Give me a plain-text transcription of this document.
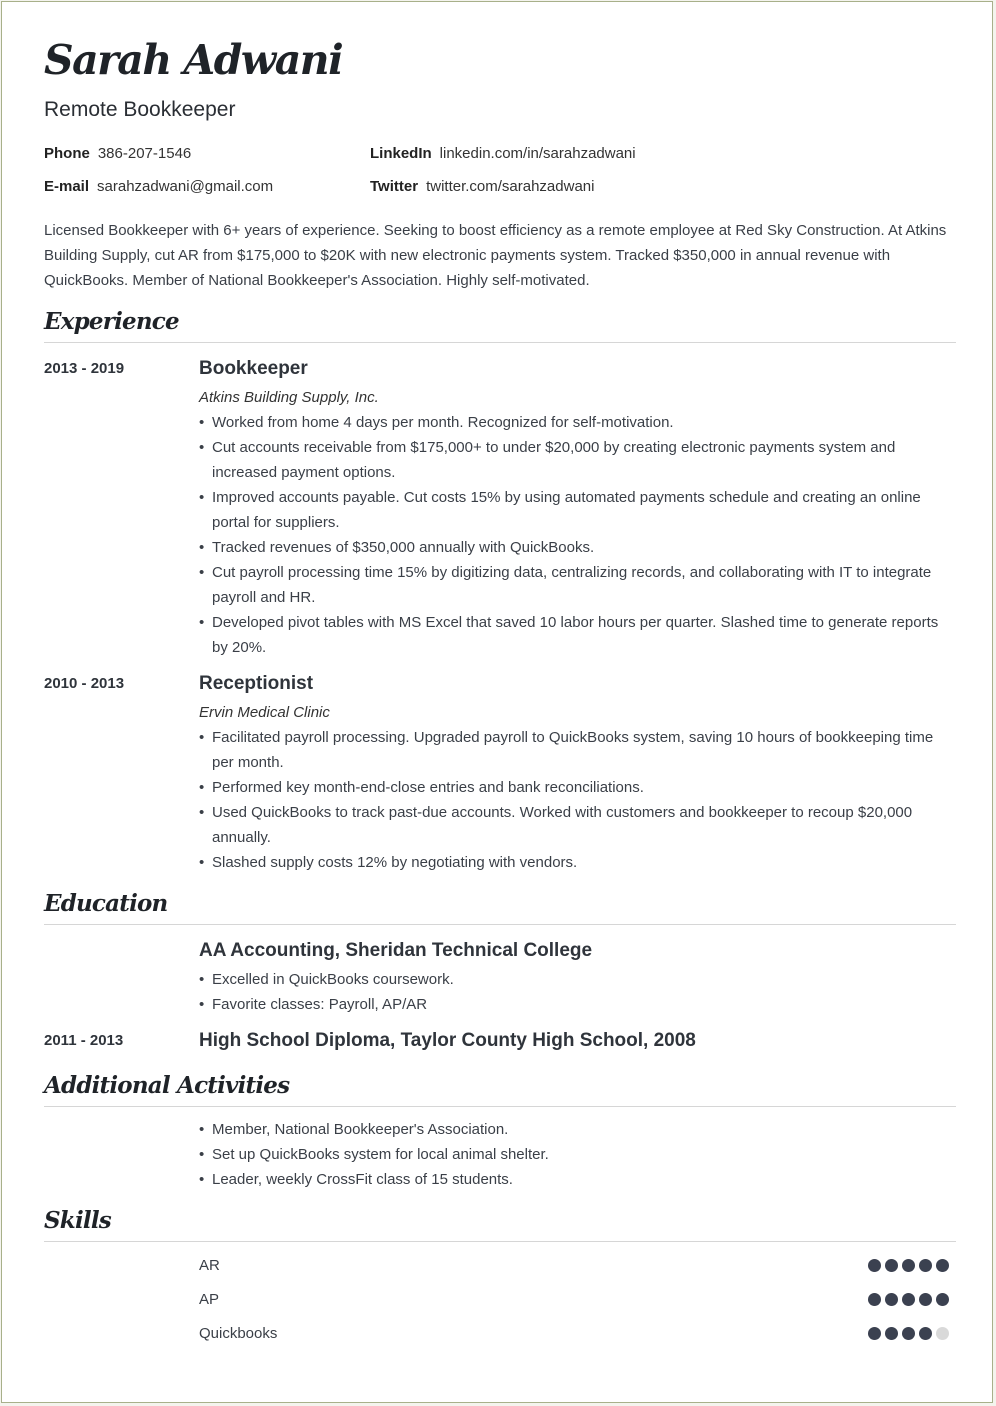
Sarah Adwani
Remote Bookkeeper
Phone 386-207-1546	LinkedIn linkedin.com/in/sarahzadwani
E-mail sarahzadwani@gmail.com	Twitter twitter.com/sarahzadwani
Licensed Bookkeeper with 6+ years of experience. Seeking to boost efficiency as a remote employee at Red Sky Construction. At Atkins Building Supply, cut AR from $175,000 to $20K with new electronic payments system. Tracked $350,000 in annual revenue with QuickBooks. Member of National Bookkeeper's Association. Highly self-motivated.
Experience
2013 - 2019	Bookkeeper
Atkins Building Supply, Inc.
• Worked from home 4 days per month. Recognized for self-motivation.
• Cut accounts receivable from $175,000+ to under $20,000 by creating electronic payments system and increased payment options.
• Improved accounts payable. Cut costs 15% by using automated payments schedule and creating an online portal for suppliers.
• Tracked revenues of $350,000 annually with QuickBooks.
• Cut payroll processing time 15% by digitizing data, centralizing records, and collaborating with IT to integrate payroll and HR.
• Developed pivot tables with MS Excel that saved 10 labor hours per quarter. Slashed time to generate reports by 20%.
2010 - 2013	Receptionist
Ervin Medical Clinic
• Facilitated payroll processing. Upgraded payroll to QuickBooks system, saving 10 hours of bookkeeping time per month.
• Performed key month-end-close entries and bank reconciliations.
• Used QuickBooks to track past-due accounts. Worked with customers and bookkeeper to recoup $20,000 annually.
• Slashed supply costs 12% by negotiating with vendors.
Education
AA Accounting, Sheridan Technical College
• Excelled in QuickBooks coursework.
• Favorite classes: Payroll, AP/AR
2011 - 2013	High School Diploma, Taylor County High School, 2008
Additional Activities
• Member, National Bookkeeper's Association.
• Set up QuickBooks system for local animal shelter.
• Leader, weekly CrossFit class of 15 students.
Skills
AR
AP
Quickbooks
